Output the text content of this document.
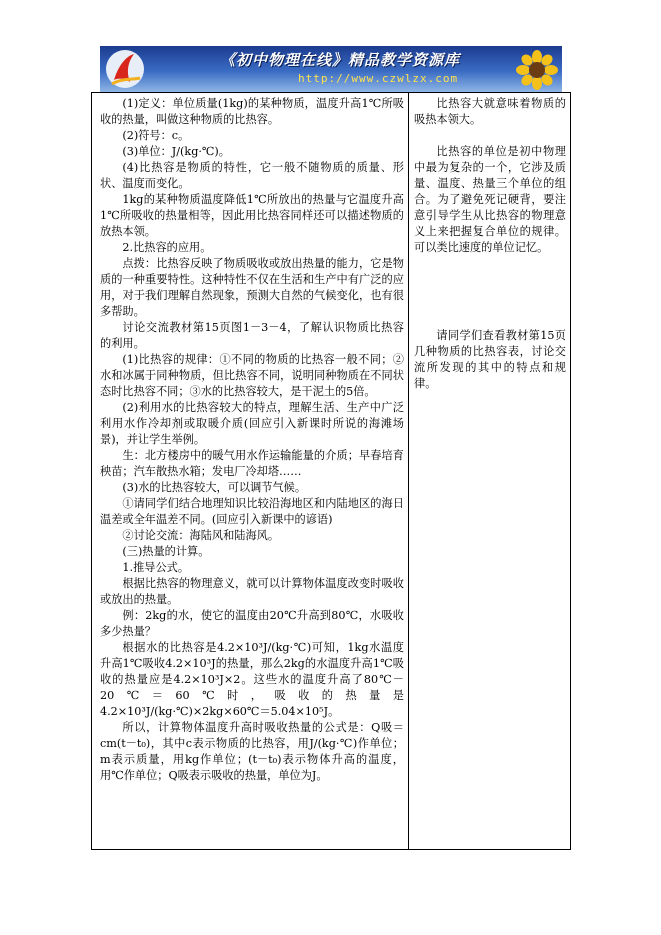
《初中物理在线》精品教学资源库
http://www.czwlzx.com

(1)定义：单位质量(1kg)的某种物质，温度升高1℃所吸收的热量，叫做这种物质的比热容。

(2)符号：c。

(3)单位：J/(kg·℃)。

(4)比热容是物质的特性，它一般不随物质的质量、形状、温度而变化。

1kg的某种物质温度降低1℃所放出的热量与它温度升高1℃所吸收的热量相等，因此用比热容同样还可以描述物质的放热本领。

2.比热容的应用。

点拨：比热容反映了物质吸收或放出热量的能力，它是物质的一种重要特性。这种特性不仅在生活和生产中有广泛的应用，对于我们理解自然现象，预测大自然的气候变化，也有很多帮助。

讨论交流教材第15页图1－3－4，了解认识物质比热容的利用。

(1)比热容的规律：①不同的物质的比热容一般不同；②水和冰属于同种物质，但比热容不同，说明同种物质在不同状态时比热容不同；③水的比热容较大，是干泥土的5倍。

(2)利用水的比热容较大的特点，理解生活、生产中广泛利用水作冷却剂或取暖介质(回应引入新课时所说的海滩场景)，并让学生举例。

生：北方楼房中的暖气用水作运输能量的介质；早春培育秧苗；汽车散热水箱；发电厂冷却塔……

(3)水的比热容较大，可以调节气候。

①请同学们结合地理知识比较沿海地区和内陆地区的海日温差或全年温差不同。(回应引入新课中的谚语)

②讨论交流：海陆风和陆海风。

(三)热量的计算。

1.推导公式。

根据比热容的物理意义，就可以计算物体温度改变时吸收或放出的热量。

例：2kg的水，使它的温度由20℃升高到80℃，水吸收多少热量？

根据水的比热容是4.2×10³J/(kg·℃)可知，1kg水温度升高1℃吸收4.2×10³J的热量，那么2kg的水温度升高1℃吸收的热量应是4.2×10³J×2。这些水的温度升高了80℃－20℃＝60℃时，吸收的热量是4.2×10³J/(kg·℃)×2kg×60℃＝5.04×10⁵J。

所以，计算物体温度升高时吸收热量的公式是：Q吸＝cm(t－t₀)，其中c表示物质的比热容，用J/(kg·℃)作单位；m表示质量，用kg作单位；(t－t₀)表示物体升高的温度，用℃作单位；Q吸表示吸收的热量，单位为J。

比热容大就意味着物质的吸热本领大。

比热容的单位是初中物理中最为复杂的一个，它涉及质量、温度、热量三个单位的组合。为了避免死记硬背，要注意引导学生从比热容的物理意义上来把握复合单位的规律。可以类比速度的单位记忆。

请同学们查看教材第15页几种物质的比热容表，讨论交流所发现的其中的特点和规律。
